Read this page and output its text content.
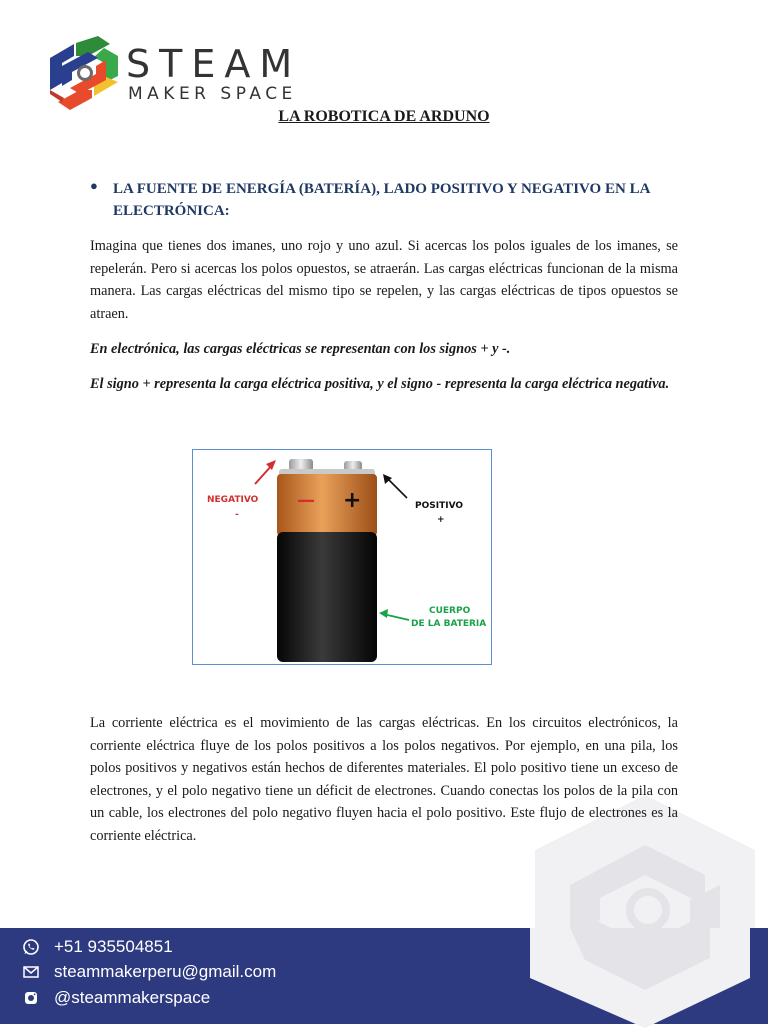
STEAM
MAKER SPACE
LA ROBOTICA DE ARDUNO
● LA FUENTE DE ENERGÍA (BATERÍA), LADO POSITIVO Y NEGATIVO EN LA ELECTRÓNICA:

Imagina que tienes dos imanes, uno rojo y uno azul. Si acercas los polos iguales de los imanes, se repelerán. Pero si acercas los polos opuestos, se atraerán. Las cargas eléctricas funcionan de la misma manera. Las cargas eléctricas del mismo tipo se repelen, y las cargas eléctricas de tipos opuestos se atraen.

En electrónica, las cargas eléctricas se representan con los signos + y -.

El signo + representa la carga eléctrica positiva, y el signo - representa la carga eléctrica negativa.

— +
NEGATIVO
-
POSITIVO
+
CUERPO
DE LA BATERIA

La corriente eléctrica es el movimiento de las cargas eléctricas. En los circuitos electrónicos, la corriente eléctrica fluye de los polos positivos a los polos negativos. Por ejemplo, en una pila, los polos positivos y negativos están hechos de diferentes materiales. El polo positivo tiene un exceso de electrones, y el polo negativo tiene un déficit de electrones. Cuando conectas los polos de la pila con un cable, los electrones del polo negativo fluyen hacia el polo positivo. Este flujo de electrones es la corriente eléctrica.

+51 935504851
steammakerperu@gmail.com
@steammakerspace
